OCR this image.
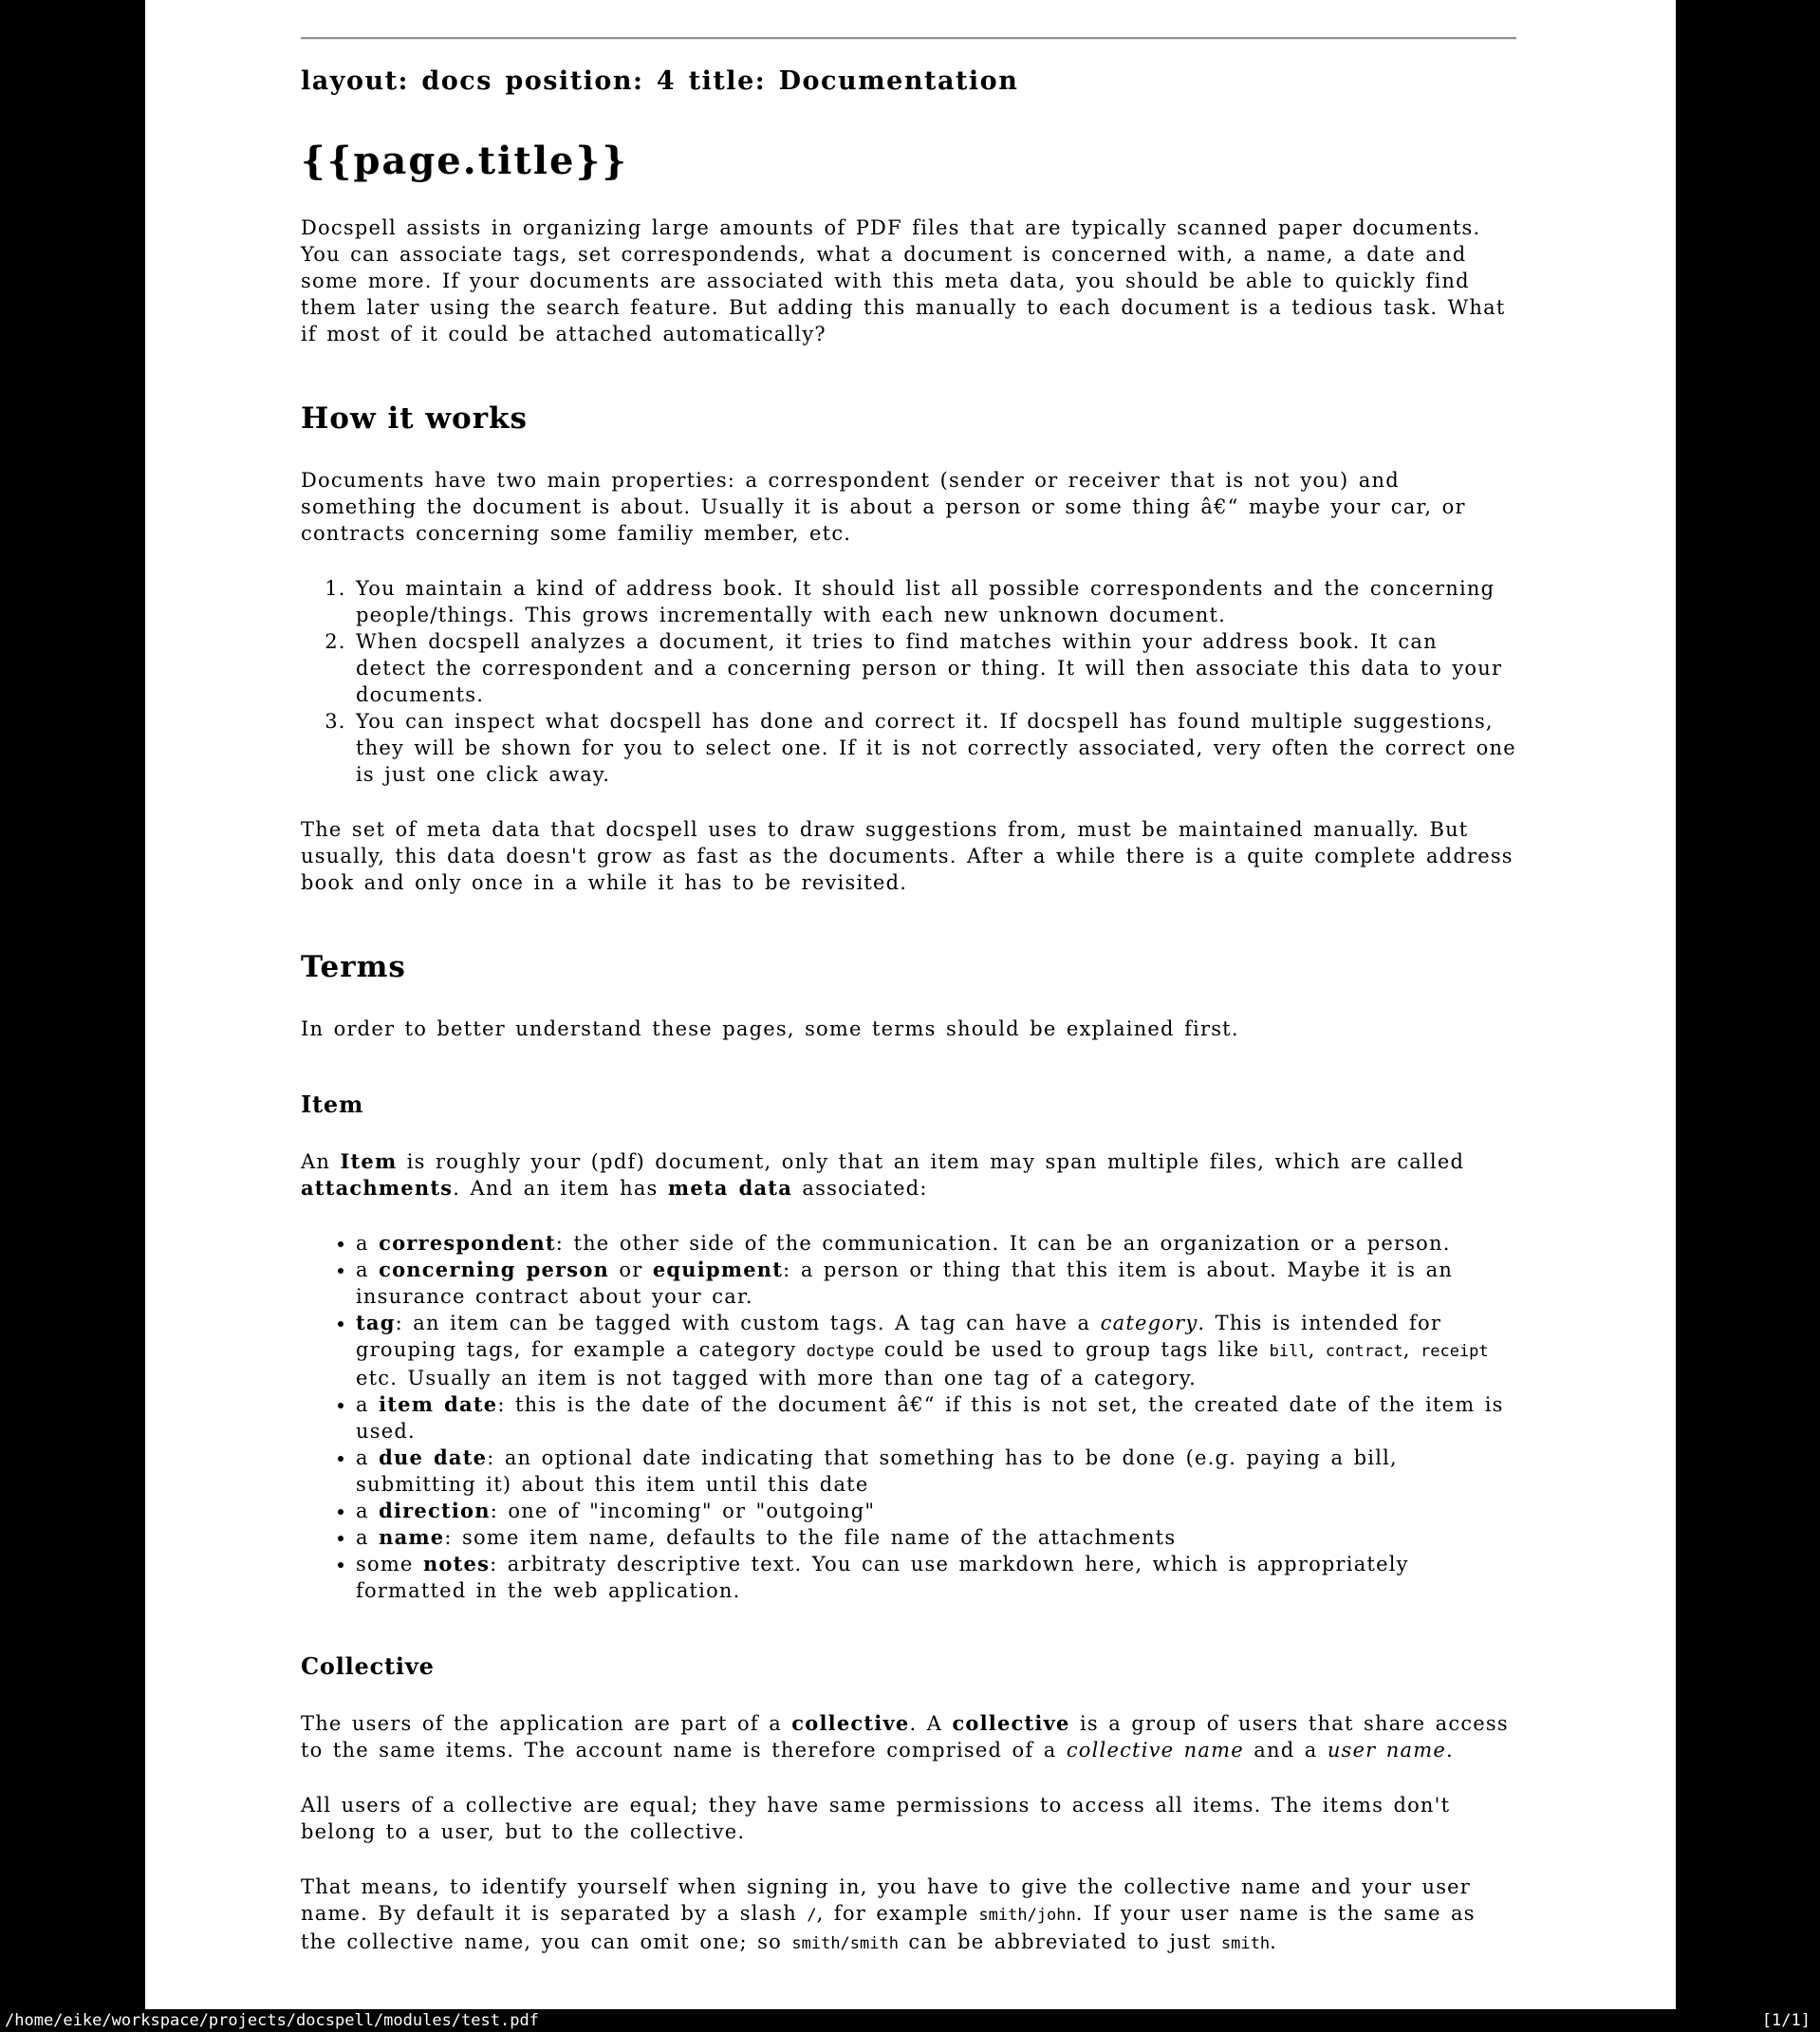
layout: docs position: 4 title: Documentation

{{page.title}}

Docspell assists in organizing large amounts of PDF files that are typically scanned paper documents. You can associate tags, set correspondends, what a document is concerned with, a name, a date and some more. If your documents are associated with this meta data, you should be able to quickly find them later using the search feature. But adding this manually to each document is a tedious task. What if most of it could be attached automatically?

How it works

Documents have two main properties: a correspondent (sender or receiver that is not you) and something the document is about. Usually it is about a person or some thing â€“ maybe your car, or contracts concerning some familiy member, etc.

1. You maintain a kind of address book. It should list all possible correspondents and the concerning people/things. This grows incrementally with each new unknown document.
2. When docspell analyzes a document, it tries to find matches within your address book. It can detect the correspondent and a concerning person or thing. It will then associate this data to your documents.
3. You can inspect what docspell has done and correct it. If docspell has found multiple suggestions, they will be shown for you to select one. If it is not correctly associated, very often the correct one is just one click away.

The set of meta data that docspell uses to draw suggestions from, must be maintained manually. But usually, this data doesn't grow as fast as the documents. After a while there is a quite complete address book and only once in a while it has to be revisited.

Terms

In order to better understand these pages, some terms should be explained first.

Item

An Item is roughly your (pdf) document, only that an item may span multiple files, which are called attachments. And an item has meta data associated:

• a correspondent: the other side of the communication. It can be an organization or a person.
• a concerning person or equipment: a person or thing that this item is about. Maybe it is an insurance contract about your car.
• tag: an item can be tagged with custom tags. A tag can have a category. This is intended for grouping tags, for example a category doctype could be used to group tags like bill, contract, receipt etc. Usually an item is not tagged with more than one tag of a category.
• a item date: this is the date of the document â€“ if this is not set, the created date of the item is used.
• a due date: an optional date indicating that something has to be done (e.g. paying a bill, submitting it) about this item until this date
• a direction: one of "incoming" or "outgoing"
• a name: some item name, defaults to the file name of the attachments
• some notes: arbitraty descriptive text. You can use markdown here, which is appropriately formatted in the web application.
Collective

The users of the application are part of a collective. A collective is a group of users that share access to the same items. The account name is therefore comprised of a collective name and a user name.

All users of a collective are equal; they have same permissions to access all items. The items don't belong to a user, but to the collective.

That means, to identify yourself when signing in, you have to give the collective name and your user name. By default it is separated by a slash /, for example smith/john. If your user name is the same as the collective name, you can omit one; so smith/smith can be abbreviated to just smith.

/home/eike/workspace/projects/docspell/modules/test.pdf	[1/1]
